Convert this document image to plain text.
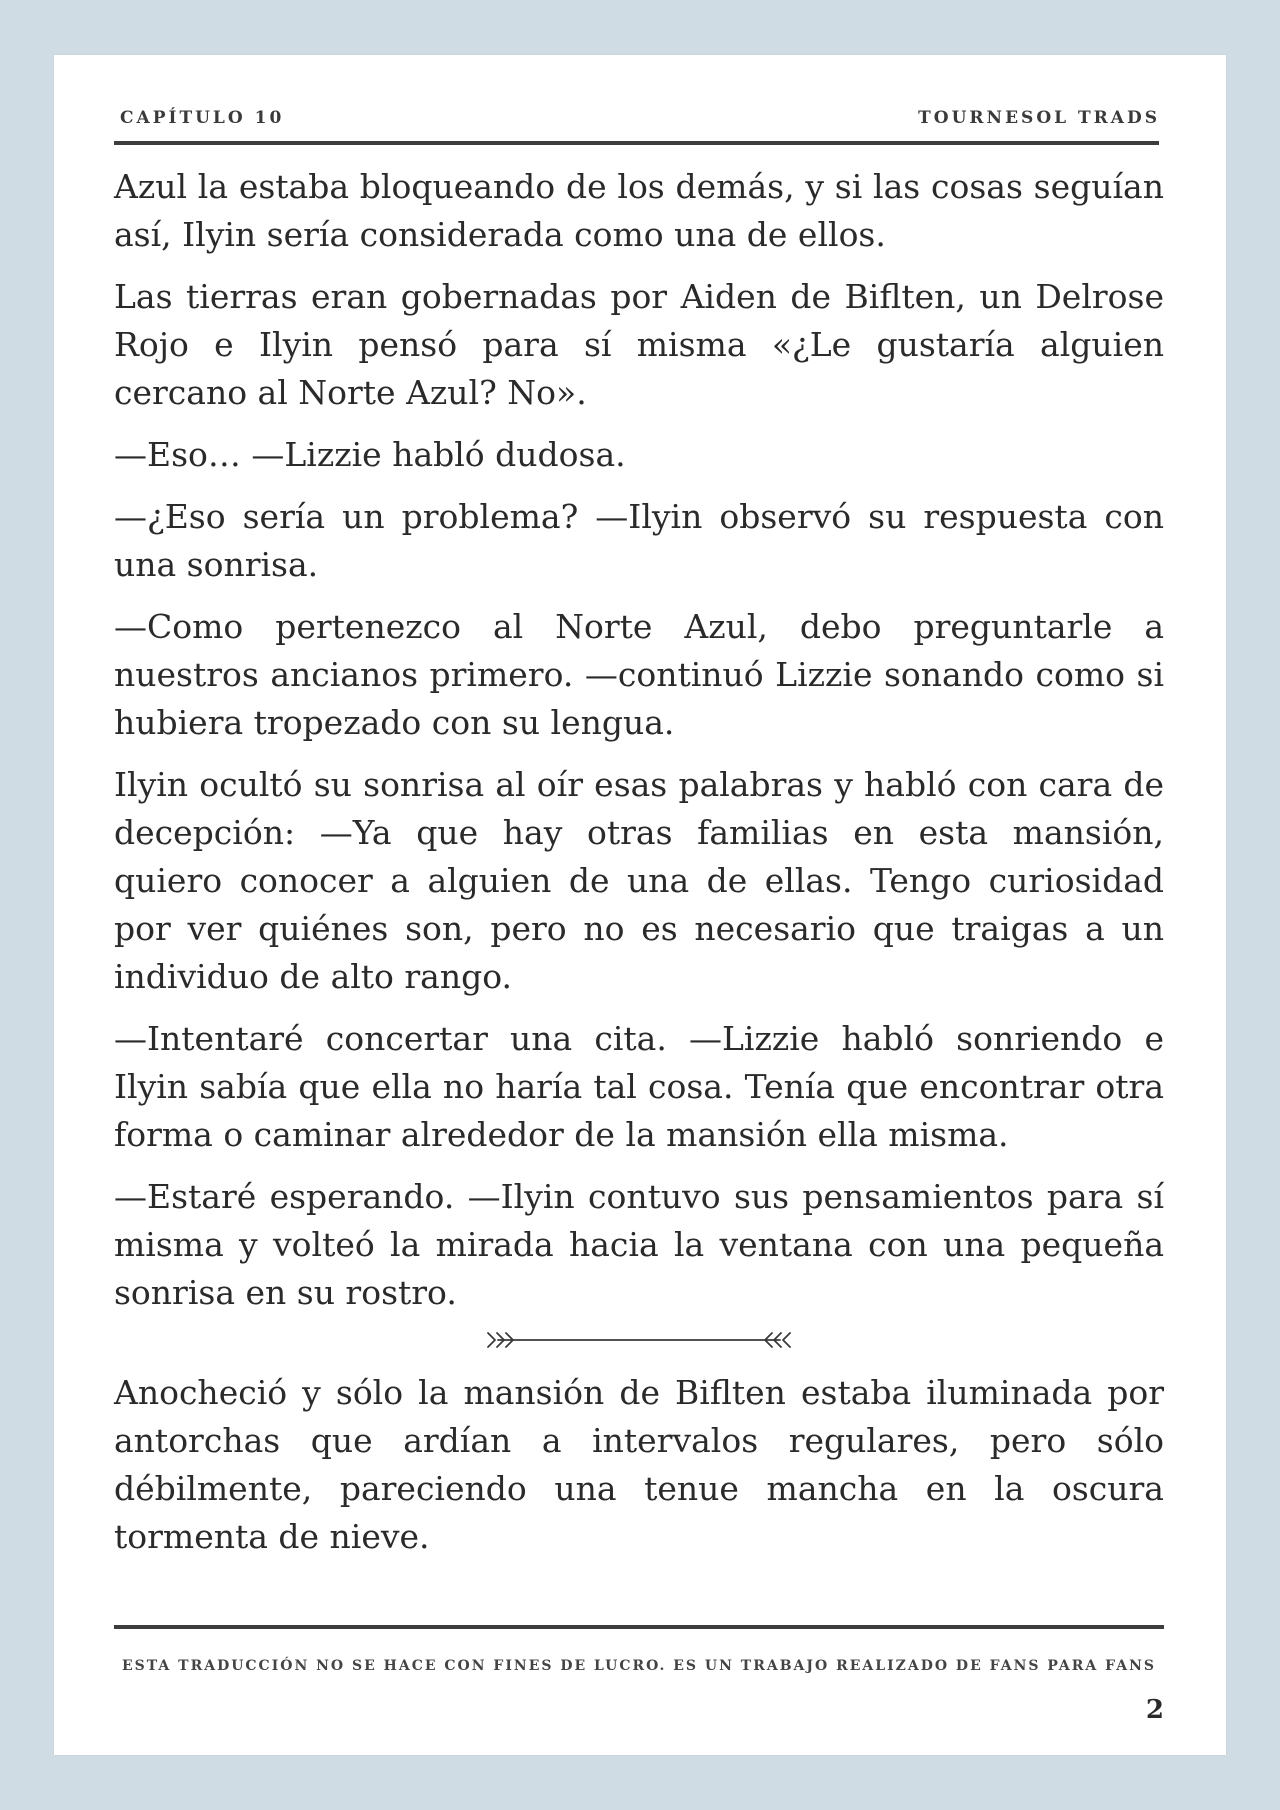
CAPÍTULO 10	TOURNESOL TRADS

Azul la estaba bloqueando de los demás, y si las cosas seguían así, Ilyin sería considerada como una de ellos.

Las tierras eran gobernadas por Aiden de Biflten, un Delrose Rojo e Ilyin pensó para sí misma «¿Le gustaría alguien cercano al Norte Azul? No».

—Eso… —Lizzie habló dudosa.

—¿Eso sería un problema? —Ilyin observó su respuesta con una sonrisa.

—Como pertenezco al Norte Azul, debo preguntarle a nuestros ancianos primero. —continuó Lizzie sonando como si hubiera tropezado con su lengua.

Ilyin ocultó su sonrisa al oír esas palabras y habló con cara de decepción: —Ya que hay otras familias en esta mansión, quiero conocer a alguien de una de ellas. Tengo curiosidad por ver quiénes son, pero no es necesario que traigas a un individuo de alto rango.

—Intentaré concertar una cita. —Lizzie habló sonriendo e Ilyin sabía que ella no haría tal cosa. Tenía que encontrar otra forma o caminar alrededor de la mansión ella misma.

—Estaré esperando. —Ilyin contuvo sus pensamientos para sí misma y volteó la mirada hacia la ventana con una pequeña sonrisa en su rostro.

Anocheció y sólo la mansión de Biflten estaba iluminada por antorchas que ardían a intervalos regulares, pero sólo débilmente, pareciendo una tenue mancha en la oscura tormenta de nieve.

ESTA TRADUCCIÓN NO SE HACE CON FINES DE LUCRO. ES UN TRABAJO REALIZADO DE FANS PARA FANS
2
